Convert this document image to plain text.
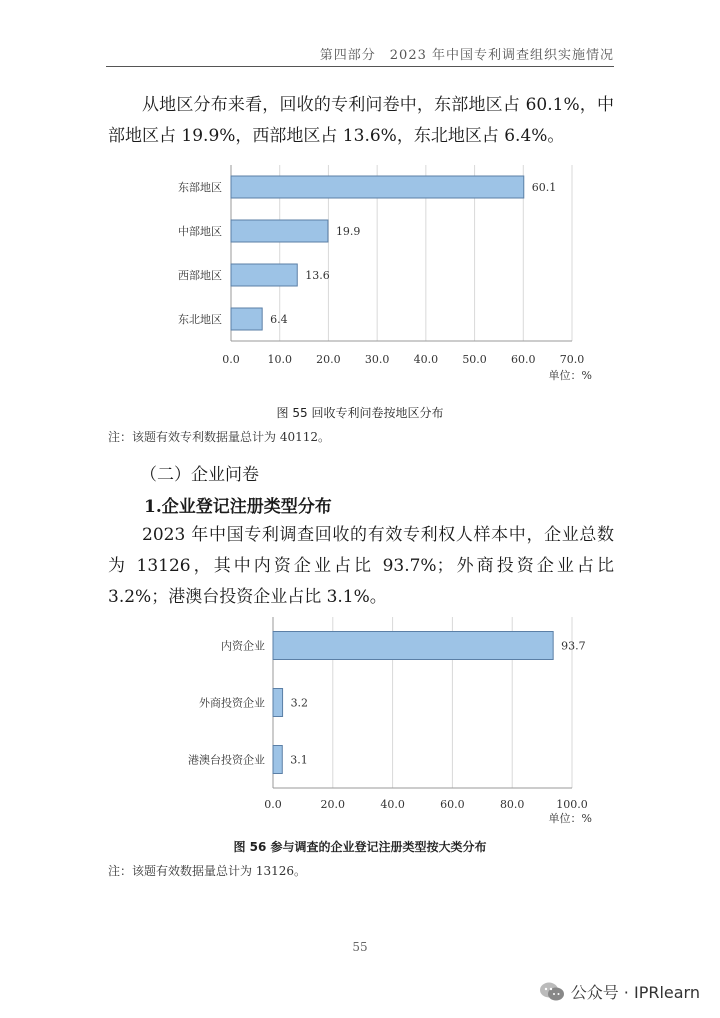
第四部分　2023 年中国专利调查组织实施情况
从地区分布来看，回收的专利问卷中，东部地区占 60.1%，中部地区占 19.9%，西部地区占 13.6%，东北地区占 6.4%。
0.0	10.0 20.0 30.0 40.0 50.0 60.0 70.0
东部地区	60.1
中部地区	19.9
西部地区	13.6
东北地区	6.4
单位：%
图 55 回收专利问卷按地区分布
注：该题有效专利数据量总计为 40112。
（二）企业问卷
1.企业登记注册类型分布
2023 年中国专利调查回收的有效专利权人样本中，企业总数为 13126，其中内资企业占比 93.7%；外商投资企业占比 3.2%；港澳台投资企业占比 3.1%。
0.0	20.0	40.0	60.0	80.0	100.0
内资企业	93.7
外商投资企业 3.2
港澳台投资企业 3.1
单位：%
图 56 参与调查的企业登记注册类型按大类分布
注：该题有效数据量总计为 13126。
55
公众号 · IPRlearn
